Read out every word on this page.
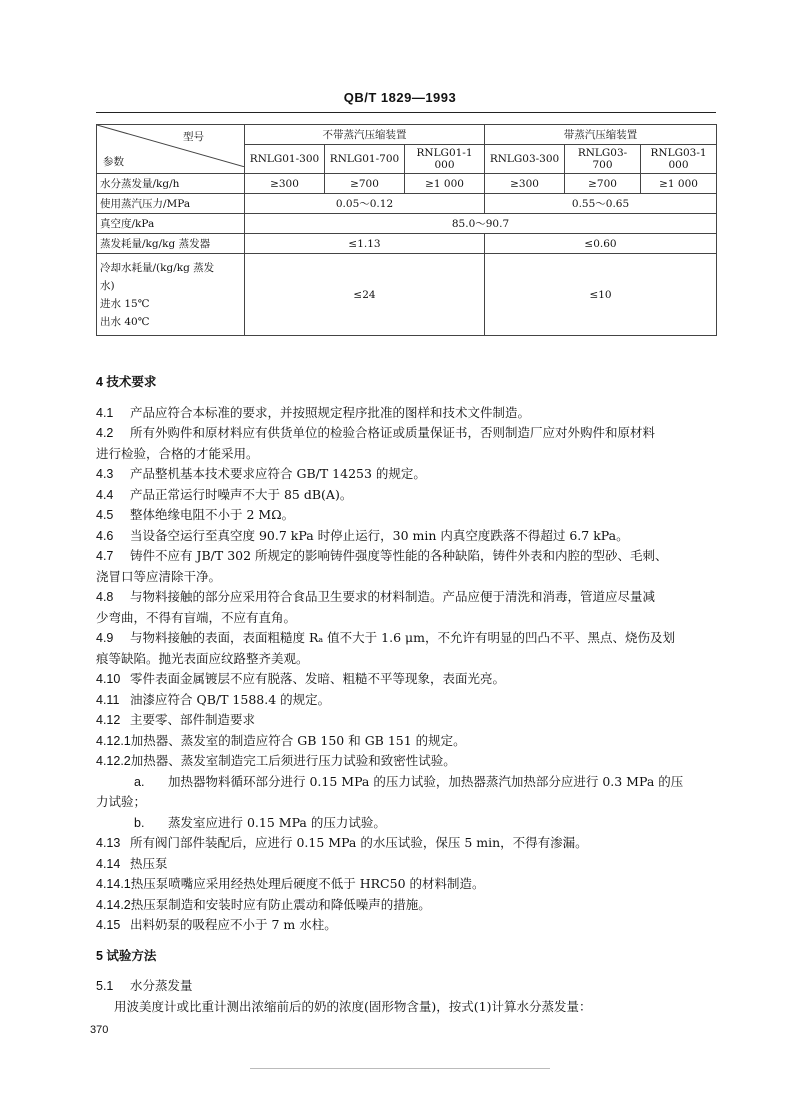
QB/T 1829—1993
型号
参数	不带蒸汽压缩装置			带蒸汽压缩装置		
	RNLG01-300	RNLG01-700	RNLG01-1 000	RNLG03-300	RNLG03-700	RNLG03-1 000
水分蒸发量/kg/h	≥300	≥700	≥1 000	≥300	≥700	≥1 000
使用蒸汽压力/MPa	0.05～0.12			0.55～0.65		
真空度/kPa	85.0～90.7					
蒸发耗量/kg/kg 蒸发器	≤1.13			≤0.60		

冷却水耗量/(kg/kg 蒸发
水)
进水 15℃
出水 40℃	≤24			≤10		

4 技术要求

4.1 产品应符合本标准的要求，并按照规定程序批准的图样和技术文件制造。

4.2 所有外购件和原材料应有供货单位的检验合格证或质量保证书，否则制造厂应对外购件和原材料

进行检验，合格的才能采用。

4.3 产品整机基本技术要求应符合 GB/T 14253 的规定。

4.4 产品正常运行时噪声不大于 85 dB(A)。

4.5 整体绝缘电阻不小于 2 MΩ。

4.6 当设备空运行至真空度 90.7 kPa 时停止运行，30 min 内真空度跌落不得超过 6.7 kPa。

4.7 铸件不应有 JB/T 302 所规定的影响铸件强度等性能的各种缺陷，铸件外表和内腔的型砂、毛刺、

浇冒口等应清除干净。

4.8 与物料接触的部分应采用符合食品卫生要求的材料制造。产品应便于清洗和消毒，管道应尽量减

少弯曲，不得有盲端，不应有直角。

4.9 与物料接触的表面，表面粗糙度 Rₐ 值不大于 1.6 μm，不允许有明显的凹凸不平、黑点、烧伤及划

痕等缺陷。抛光表面应纹路整齐美观。

4.10 零件表面金属镀层不应有脱落、发暗、粗糙不平等现象，表面光亮。

4.11 油漆应符合 QB/T 1588.4 的规定。

4.12 主要零、部件制造要求

4.12.1加热器、蒸发室的制造应符合 GB 150 和 GB 151 的规定。

4.12.2加热器、蒸发室制造完工后须进行压力试验和致密性试验。

a. 加热器物料循环部分进行 0.15 MPa 的压力试验，加热器蒸汽加热部分应进行 0.3 MPa 的压

力试验；

b. 蒸发室应进行 0.15 MPa 的压力试验。

4.13 所有阀门部件装配后，应进行 0.15 MPa 的水压试验，保压 5 min，不得有渗漏。

4.14 热压泵

4.14.1热压泵喷嘴应采用经热处理后硬度不低于 HRC50 的材料制造。

4.14.2热压泵制造和安装时应有防止震动和降低噪声的措施。

4.15 出料奶泵的吸程应不小于 7 m 水柱。

5 试验方法

5.1 水分蒸发量

用波美度计或比重计测出浓缩前后的奶的浓度(固形物含量)，按式(1)计算水分蒸发量：

370
